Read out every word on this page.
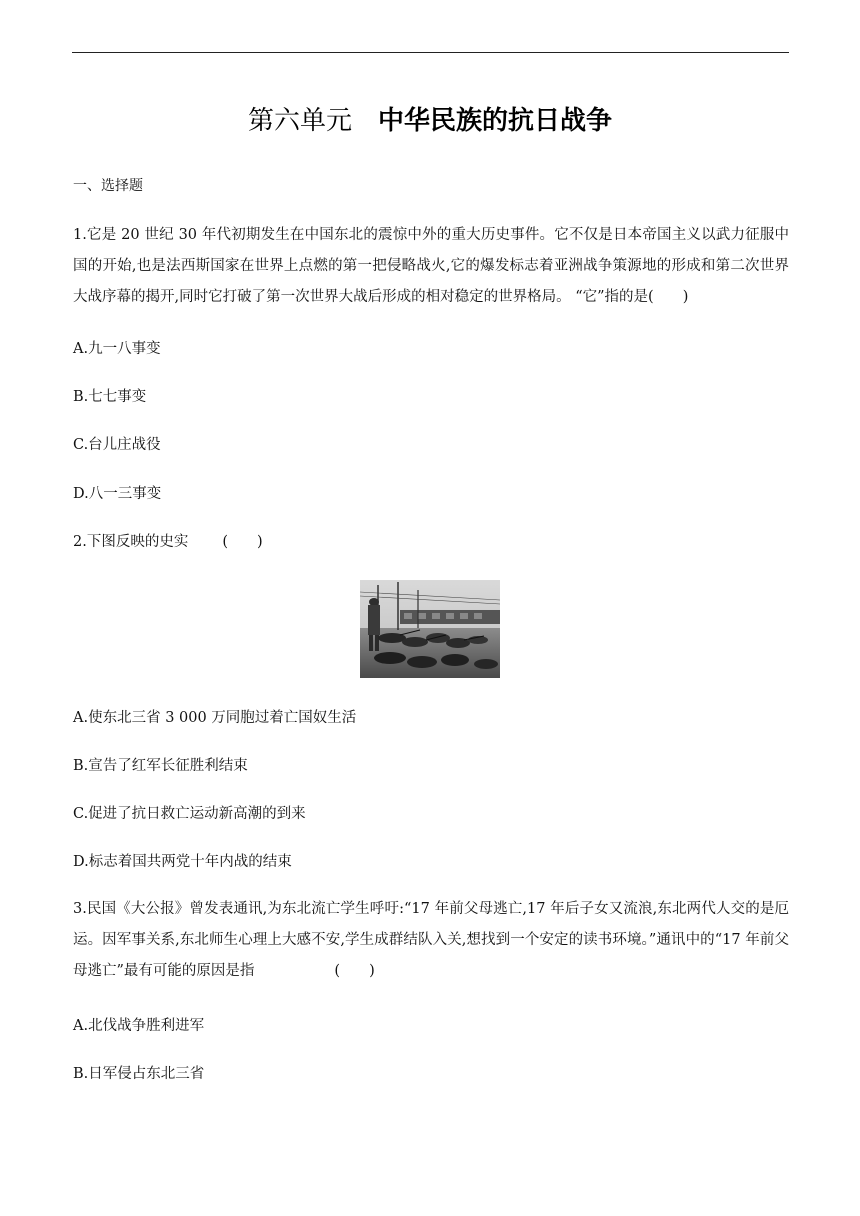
第六单元 中华民族的抗日战争
一、选择题
1.它是 20 世纪 30 年代初期发生在中国东北的震惊中外的重大历史事件。它不仅是日本帝国主义以武力征服中国的开始,也是法西斯国家在世界上点燃的第一把侵略战火,它的爆发标志着亚洲战争策源地的形成和第二次世界大战序幕的揭开,同时它打破了第一次世界大战后形成的相对稳定的世界格局。 “它”指的是(　　)
A.九一八事变
B.七七事变
C.台儿庄战役
D.八一三事变
2.下图反映的史实 (　　)
A.使东北三省 3 000 万同胞过着亡国奴生活
B.宣告了红军长征胜利结束
C.促进了抗日救亡运动新高潮的到来
D.标志着国共两党十年内战的结束
3.民国《大公报》曾发表通讯,为东北流亡学生呼吁:“17 年前父母逃亡,17 年后子女又流浪,东北两代人交的是厄运。因军事关系,东北师生心理上大感不安,学生成群结队入关,想找到一个安定的读书环境。”通讯中的“17 年前父母逃亡”最有可能的原因是指	(　　)
A.北伐战争胜利进军
B.日军侵占东北三省
